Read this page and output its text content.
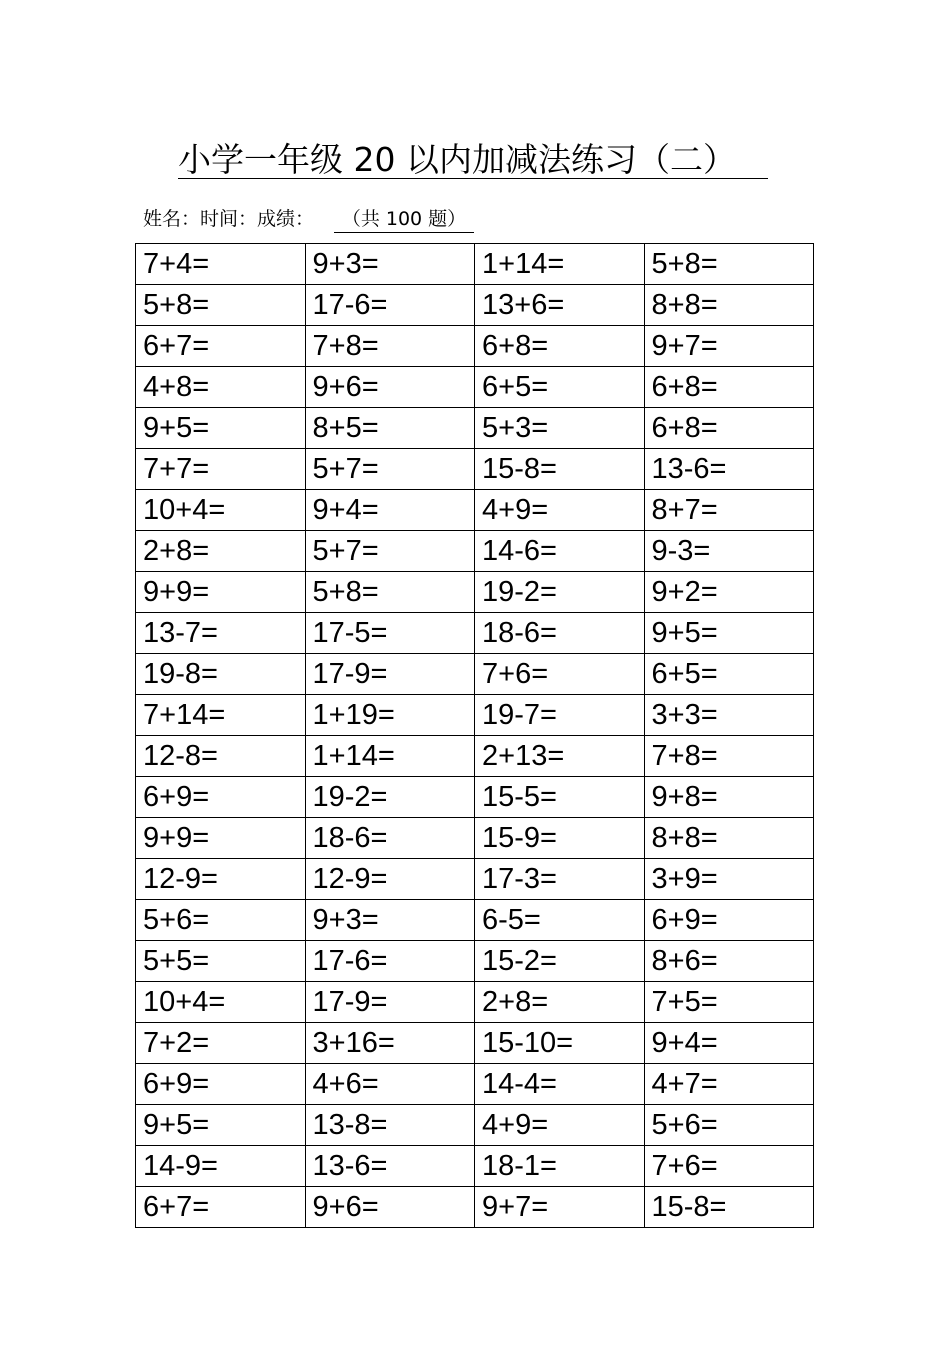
小学一年级 20 以内加减法练习（二）
姓名：时间：成绩：	（共 100 题）
7+4=	9+3=	1+14=	5+8=
5+8=	17-6=	13+6=	8+8=
6+7=	7+8=	6+8=	9+7=
4+8=	9+6=	6+5=	6+8=
9+5=	8+5=	5+3=	6+8=
7+7=	5+7=	15-8=	13-6=
10+4=	9+4=	4+9=	8+7=
2+8=	5+7=	14-6=	9-3=
9+9=	5+8=	19-2=	9+2=
13-7=	17-5=	18-6=	9+5=
19-8=	17-9=	7+6=	6+5=
7+14=	1+19=	19-7=	3+3=
12-8=	1+14=	2+13=	7+8=
6+9=	19-2=	15-5=	9+8=
9+9=	18-6=	15-9=	8+8=
12-9=	12-9=	17-3=	3+9=
5+6=	9+3=	6-5=	6+9=
5+5=	17-6=	15-2=	8+6=
10+4=	17-9=	2+8=	7+5=
7+2=	3+16=	15-10=	9+4=
6+9=	4+6=	14-4=	4+7=
9+5=	13-8=	4+9=	5+6=
14-9=	13-6=	18-1=	7+6=
6+7=	9+6=	9+7=	15-8=
